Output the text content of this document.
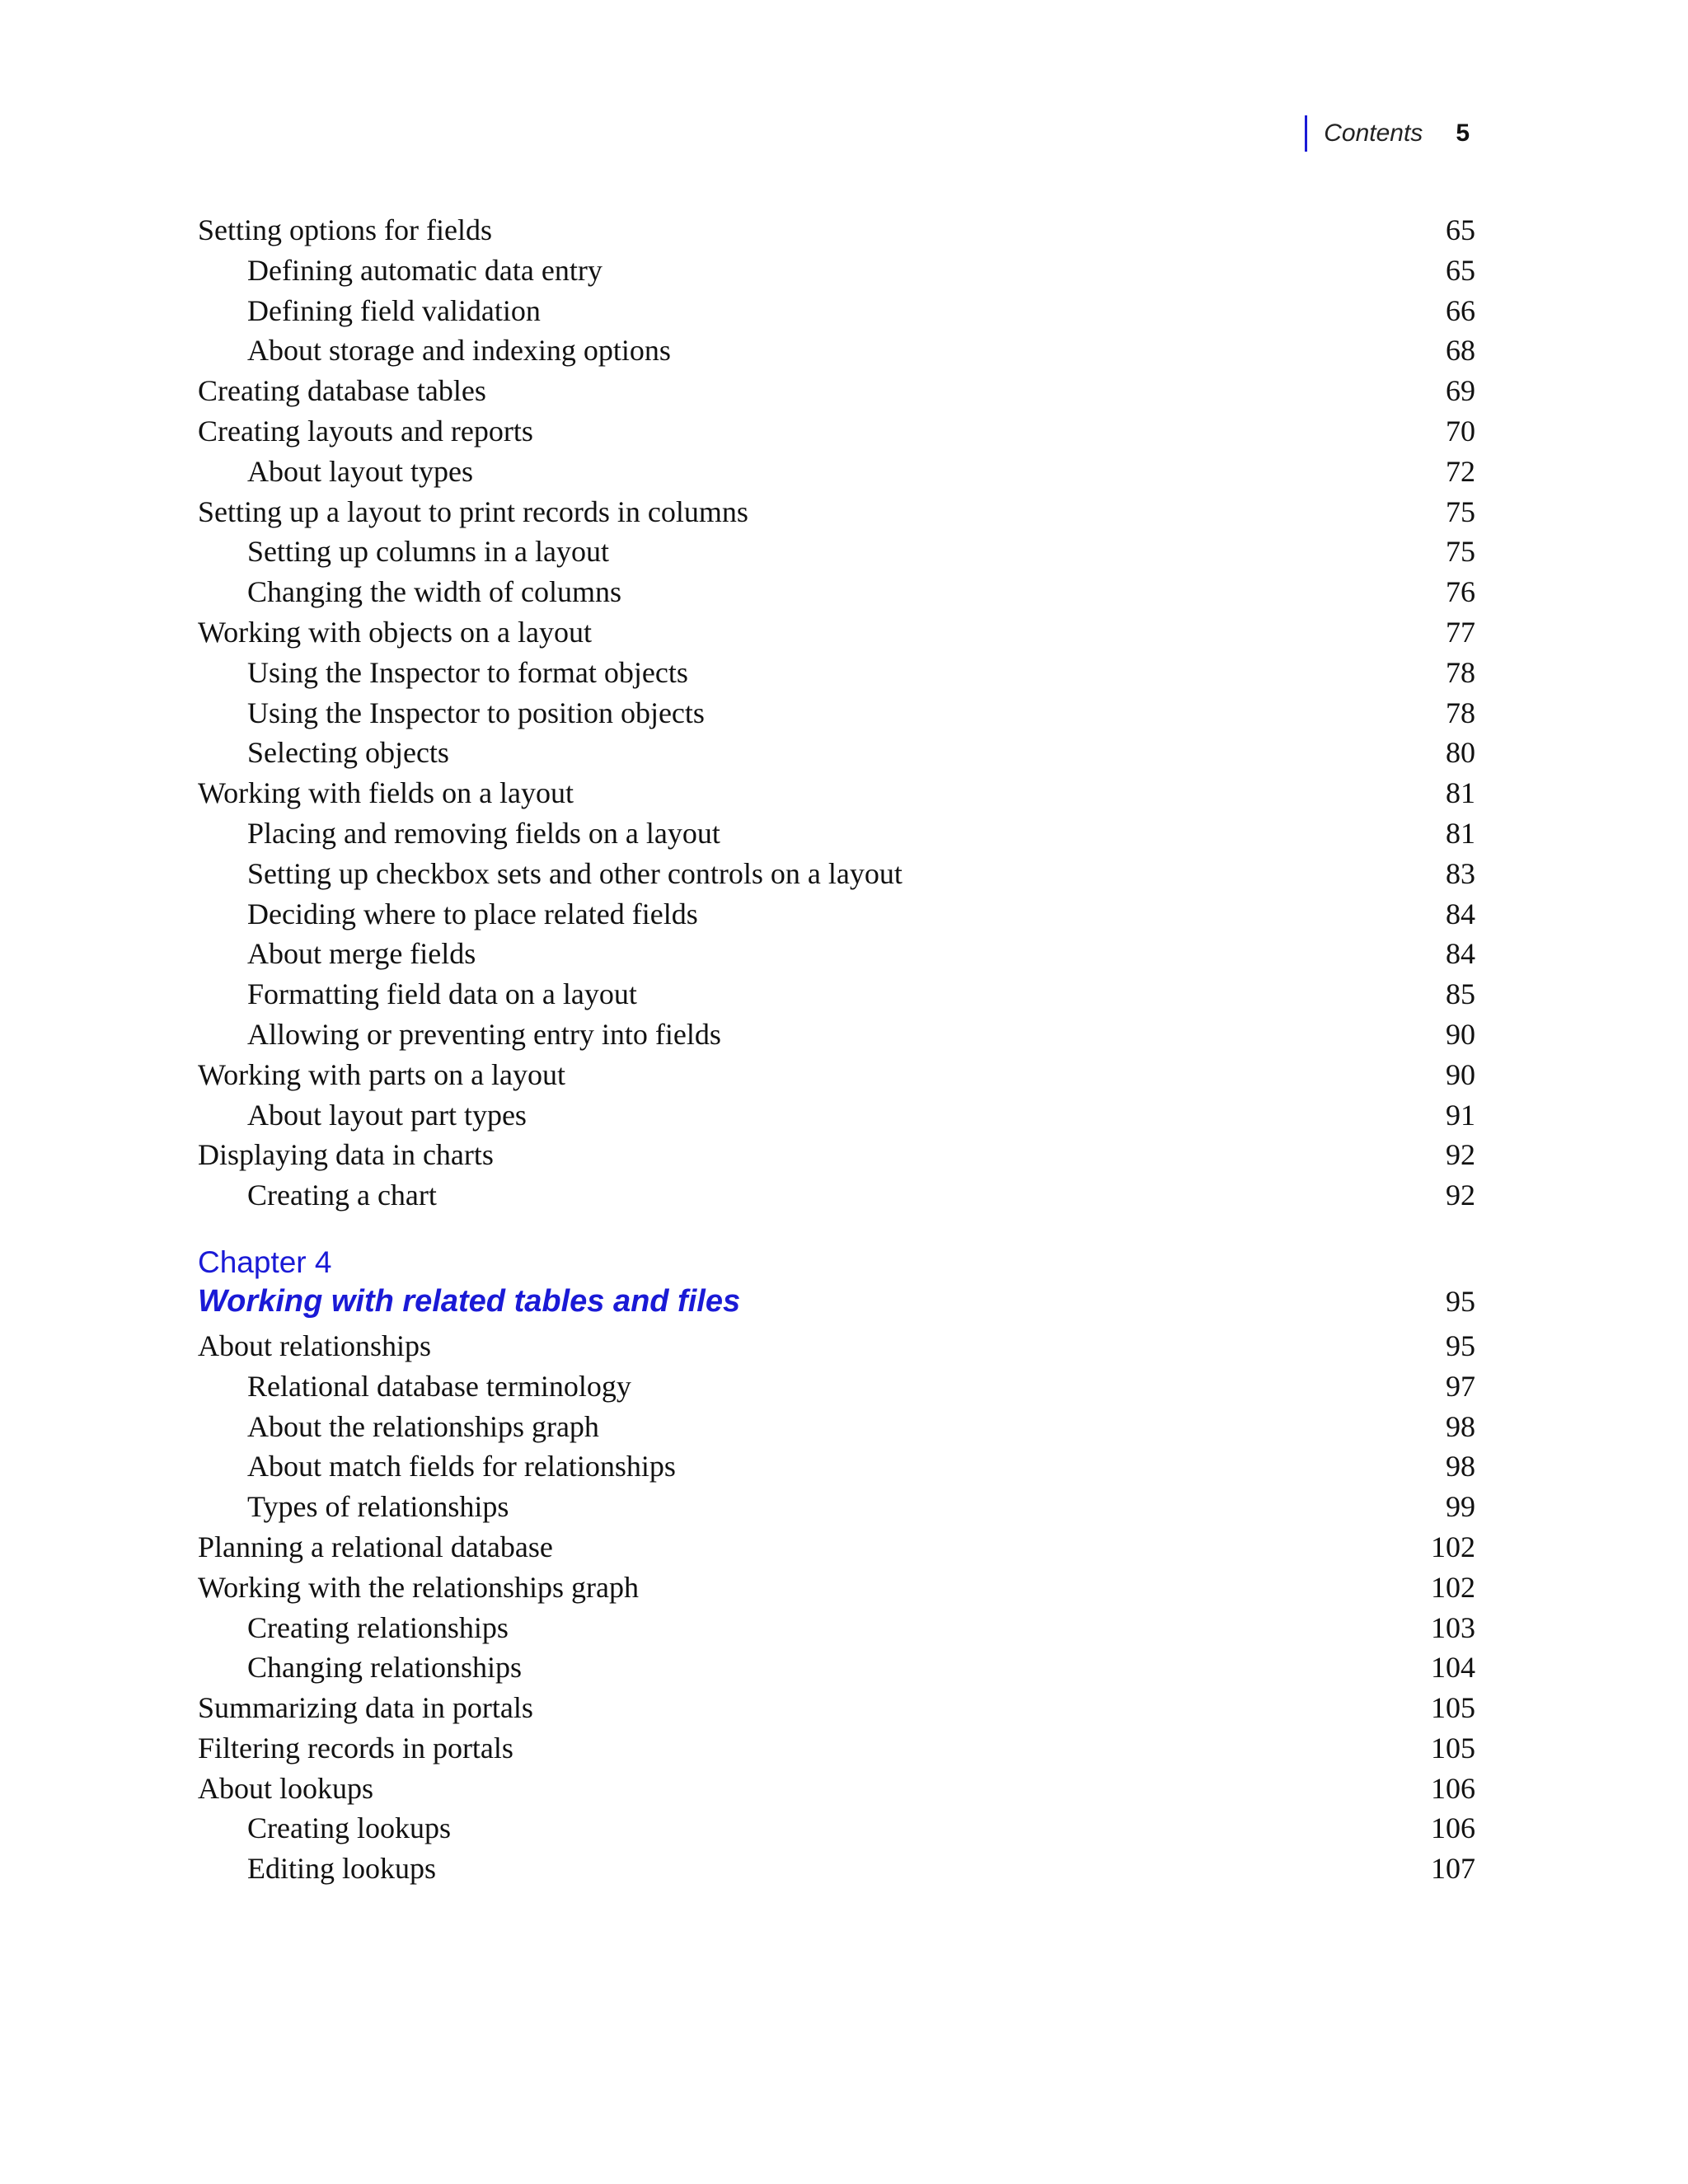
Contents 5
Setting options for fields	65
Defining automatic data entry	65
Defining field validation	66
About storage and indexing options	68
Creating database tables	69
Creating layouts and reports	70
About layout types	72
Setting up a layout to print records in columns	75
Setting up columns in a layout	75
Changing the width of columns	76
Working with objects on a layout	77
Using the Inspector to format objects	78
Using the Inspector to position objects	78
Selecting objects	80
Working with fields on a layout	81
Placing and removing fields on a layout	81
Setting up checkbox sets and other controls on a layout	83
Deciding where to place related fields	84
About merge fields	84
Formatting field data on a layout	85
Allowing or preventing entry into fields	90
Working with parts on a layout	90
About layout part types	91
Displaying data in charts	92
Creating a chart	92
Chapter 4
Working with related tables and files	95
About relationships	95
Relational database terminology	97
About the relationships graph	98
About match fields for relationships	98
Types of relationships	99
Planning a relational database	102
Working with the relationships graph	102
Creating relationships	103
Changing relationships	104
Summarizing data in portals	105
Filtering records in portals	105
About lookups	106
Creating lookups	106
Editing lookups	107
